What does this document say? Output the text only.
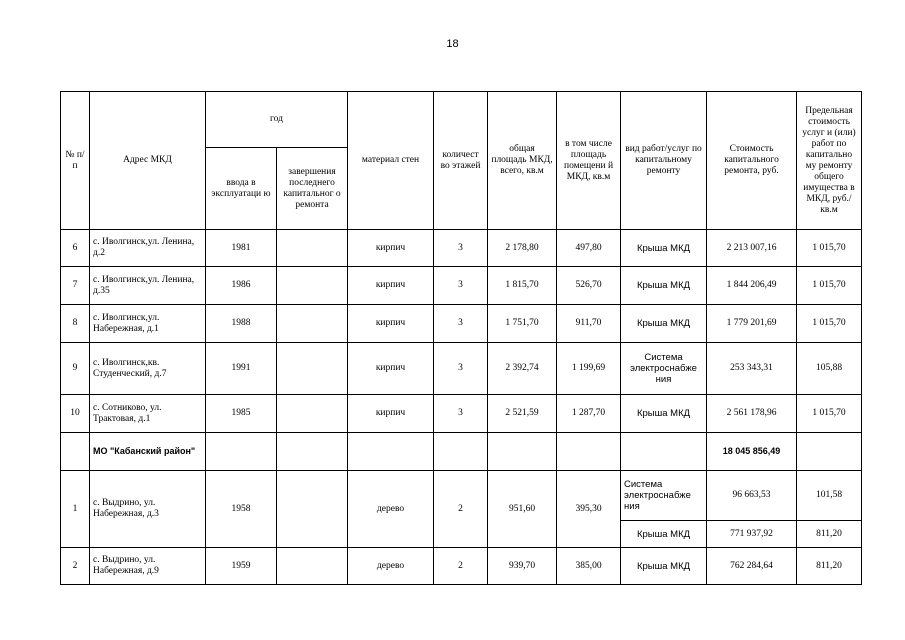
18
№ п/п	Адрес МКД	год		материал стен	количест во этажей	общая площадь МКД, всего, кв.м	в том числе площадь помещени й МКД, кв.м	вид работ/услуг по капитальному ремонту	Стоимость капитального ремонта, руб.	Предельная стоимость услуг и (или) работ по капитально му ремонту общего имущества в МКД, руб./кв.м
		ввода в эксплуатаци ю	завершения последнего капитальног о ремонта							
6	с. Иволгинск,ул. Ленина, д.2	1981		кирпич	3	2 178,80	497,80	Крыша МКД	2 213 007,16	1 015,70
7	с. Иволгинск,ул. Ленина, д.35	1986		кирпич	3	1 815,70	526,70	Крыша МКД	1 844 206,49	1 015,70
8	с. Иволгинск,ул. Набережная, д.1	1988		кирпич	3	1 751,70	911,70	Крыша МКД	1 779 201,69	1 015,70
9	с. Иволгинск,кв. Студенческий, д.7	1991		кирпич	3	2 392,74	1 199,69	Система электроснабже ния	253 343,31	105,88
10	с. Сотниково, ул. Трактовая, д.1	1985		кирпич	3	2 521,59	1 287,70	Крыша МКД	2 561 178,96	1 015,70
	МО "Кабанский район"								18 045 856,49	
1	с. Выдрино, ул. Набережная, д.3	1958		дерево	2	951,60	395,30	Система электроснабже ния	96 663,53	101,58
								Крыша МКД	771 937,92	811,20
2	с. Выдрино, ул. Набережная, д.9	1959		дерево	2	939,70	385,00	Крыша МКД	762 284,64	811,20
